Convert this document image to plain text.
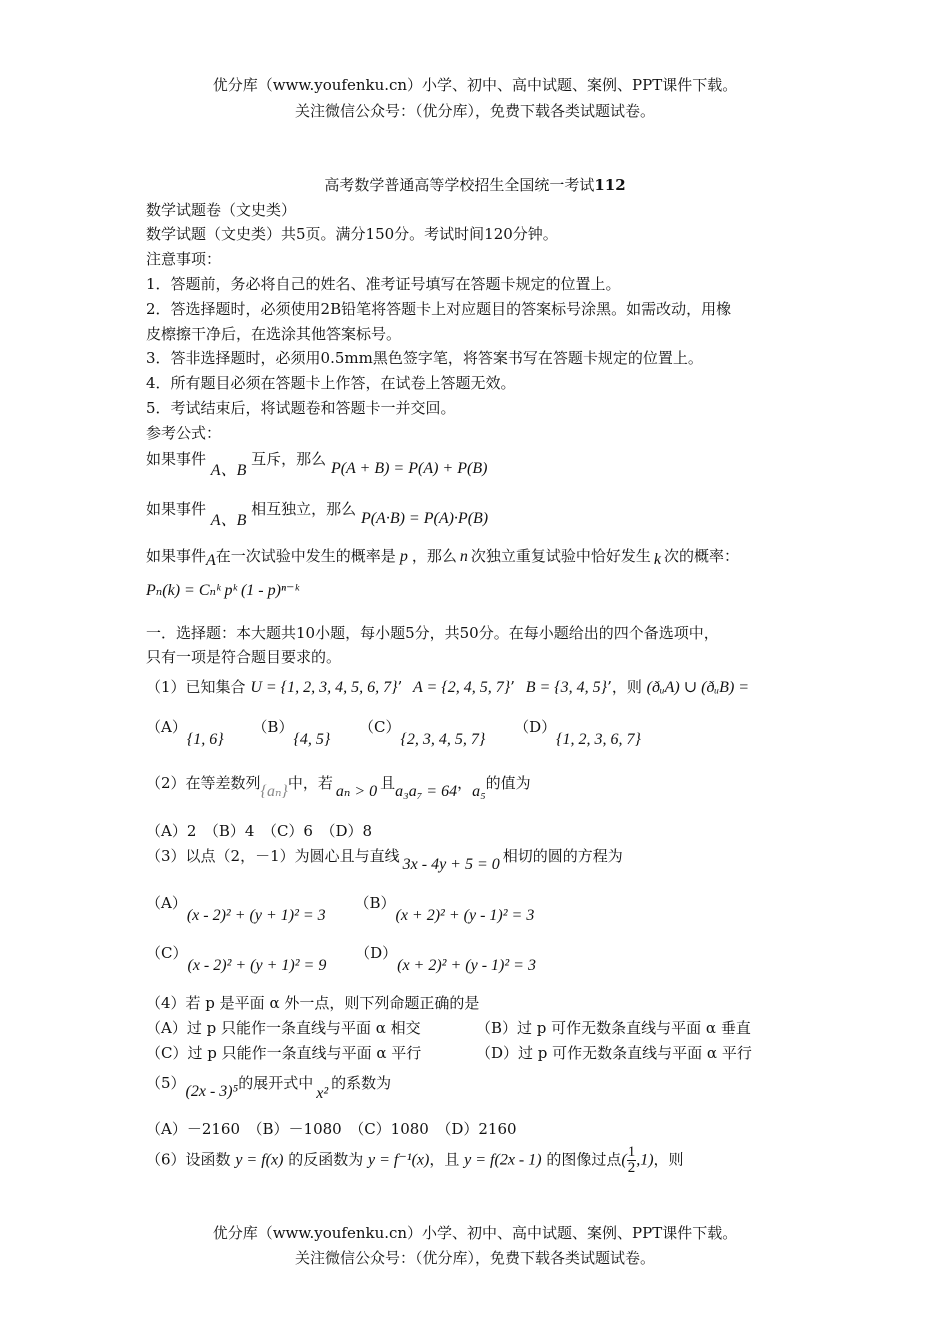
优分库（www.youfenku.cn）小学、初中、高中试题、案例、PPT课件下载。
关注微信公众号：（优分库），免费下载各类试题试卷。
高考数学普通高等学校招生全国统一考试112
数学试题卷（文史类）
数学试题（文史类）共5页。满分150分。考试时间120分钟。
注意事项：
1．答题前，务必将自己的姓名、准考证号填写在答题卡规定的位置上。
2．答选择题时，必须使用2B铅笔将答题卡上对应题目的答案标号涂黑。如需改动，用橡
皮檫擦干净后，在选涂其他答案标号。
3．答非选择题时，必须用0.5mm黑色签字笔，将答案书写在答题卡规定的位置上。
4．所有题目必须在答题卡上作答，在试卷上答题无效。
5．考试结束后，将试题卷和答题卡一并交回。
参考公式：
如果事件 A、B 互斥，那么 P(A + B) = P(A) + P(B)
如果事件 A、B 相互独立，那么 P(A·B) = P(A)·P(B)
如果事件A在一次试验中发生的概率是 p ，那么 n 次独立重复试验中恰好发生 k 次的概率：
Pₙ(k) = Cₙᵏ pᵏ (1 - p)ⁿ⁻ᵏ
一．选择题：本大题共10小题，每小题5分，共50分。在每小题给出的四个备选项中，
只有一项是符合题目要求的。
（1）已知集合 U = {1, 2, 3, 4, 5, 6, 7}’ A = {2, 4, 5, 7}’ B = {3, 4, 5}’，则 (ðᵤA) ∪ (ðᵤB) =
（A）{1, 6} （B）{4, 5} （C）{2, 3, 4, 5, 7} （D）{1, 2, 3, 6, 7}
（2）在等差数列{aₙ}中，若 aₙ > 0 且a₃a₇ = 64，a₅的值为
（A）2　（B）4　（C）6　（D）8
（3）以点（2，－1）为圆心且与直线 3x - 4y + 5 = 0 相切的圆的方程为
（A）(x - 2)² + (y + 1)² = 3 （B）(x + 2)² + (y - 1)² = 3
（C）(x - 2)² + (y + 1)² = 9 （D）(x + 2)² + (y - 1)² = 3
（4）若 p 是平面 α 外一点，则下列命题正确的是
（A）过 p 只能作一条直线与平面 α 相交	（B）过 p 可作无数条直线与平面 α 垂直
（C）过 p 只能作一条直线与平面 α 平行	（D）过 p 可作无数条直线与平面 α 平行
（5）(2x - 3)⁵的展开式中x²的系数为
（A）－2160　（B）－1080　（C）1080　（D）2160
（6）设函数 y = f(x) 的反函数为 y = f⁻¹(x)，且 y = f(2x - 1) 的图像过点( $\frac{1}{2} ,1$)，则
优分库（www.youfenku.cn）小学、初中、高中试题、案例、PPT课件下载。
关注微信公众号：（优分库），免费下载各类试题试卷。
